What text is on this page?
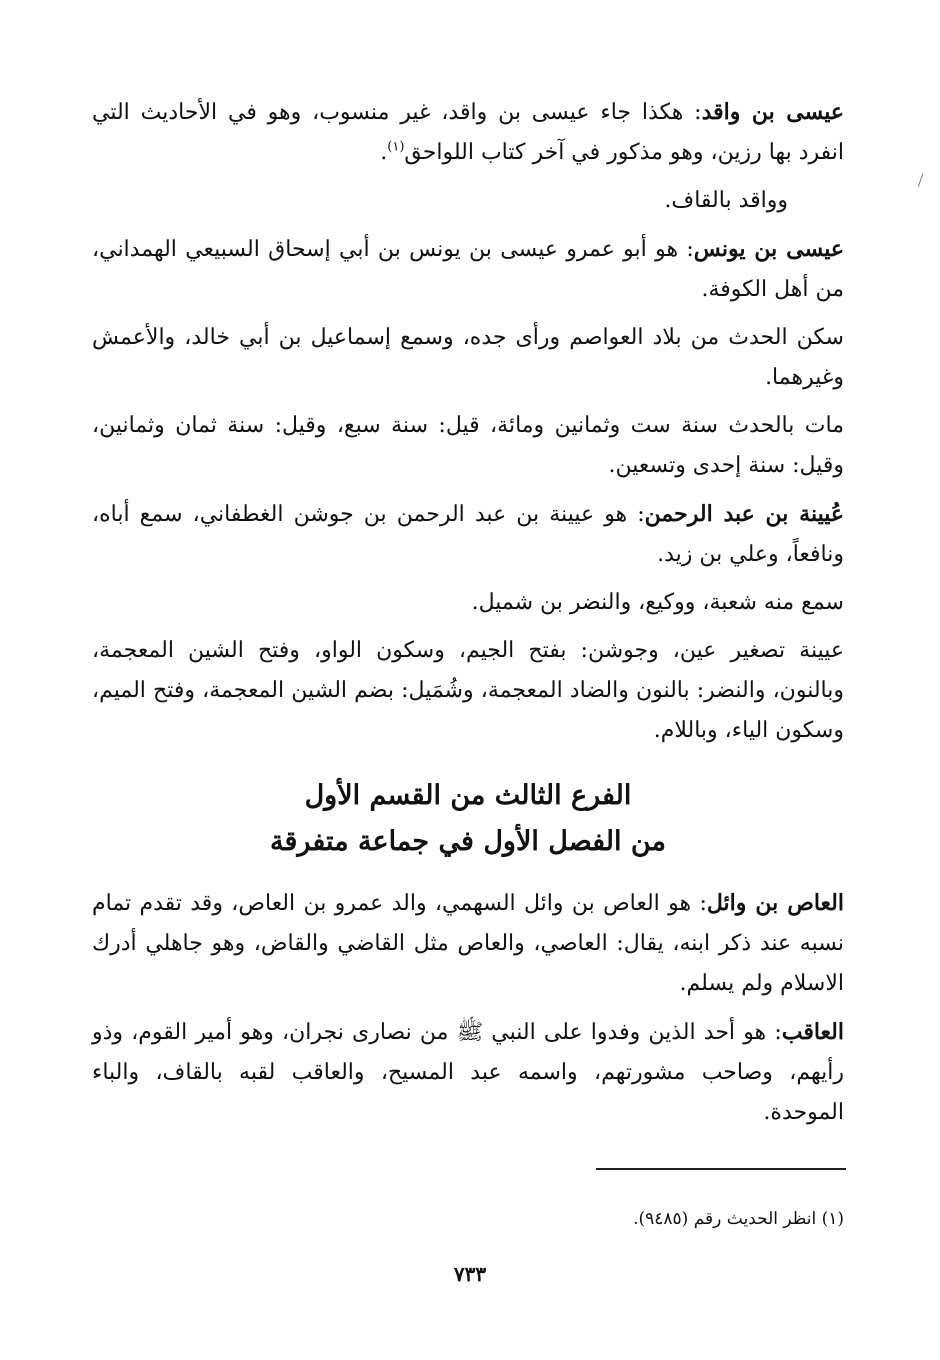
عيسى بن واقد: هكذا جاء عيسى بن واقد، غير منسوب، وهو في الأحاديث التي انفرد بها رزين، وهو مذكور في آخر كتاب اللواحق$^{(١)}$.

وواقد بالقاف.

عيسى بن يونس: هو أبو عمرو عيسى بن يونس بن أبي إسحاق السبيعي الهمداني، من أهل الكوفة.

سكن الحدث من بلاد العواصم ورأى جده، وسمع إسماعيل بن أبي خالد، والأعمش وغيرهما.

مات بالحدث سنة ست وثمانين ومائة، قيل: سنة سبع، وقيل: سنة ثمان وثمانين، وقيل: سنة إحدى وتسعين.

عُيينة بن عبد الرحمن: هو عيينة بن عبد الرحمن بن جوشن الغطفاني، سمع أباه، ونافعاً، وعلي بن زيد.

سمع منه شعبة، ووكيع، والنضر بن شميل.

عيينة تصغير عين، وجوشن: بفتح الجيم، وسكون الواو، وفتح الشين المعجمة، وبالنون، والنضر: بالنون والضاد المعجمة، وشُمَيل: بضم الشين المعجمة، وفتح الميم، وسكون الياء، وباللام.

الفرع الثالث من القسم الأول
من الفصل الأول في جماعة متفرقة

العاص بن وائل: هو العاص بن وائل السهمي، والد عمرو بن العاص، وقد تقدم تمام نسبه عند ذكر ابنه، يقال: العاصي، والعاص مثل القاضي والقاض، وهو جاهلي أدرك الاسلام ولم يسلم.

العاقب: هو أحد الذين وفدوا على النبي ﷺ من نصارى نجران، وهو أمير القوم، وذو رأيهم، وصاحب مشورتهم، واسمه عبد المسيح، والعاقب لقبه بالقاف، والباء الموحدة.

(١) انظر الحديث رقم (٩٤٨٥).
٧٣٣
